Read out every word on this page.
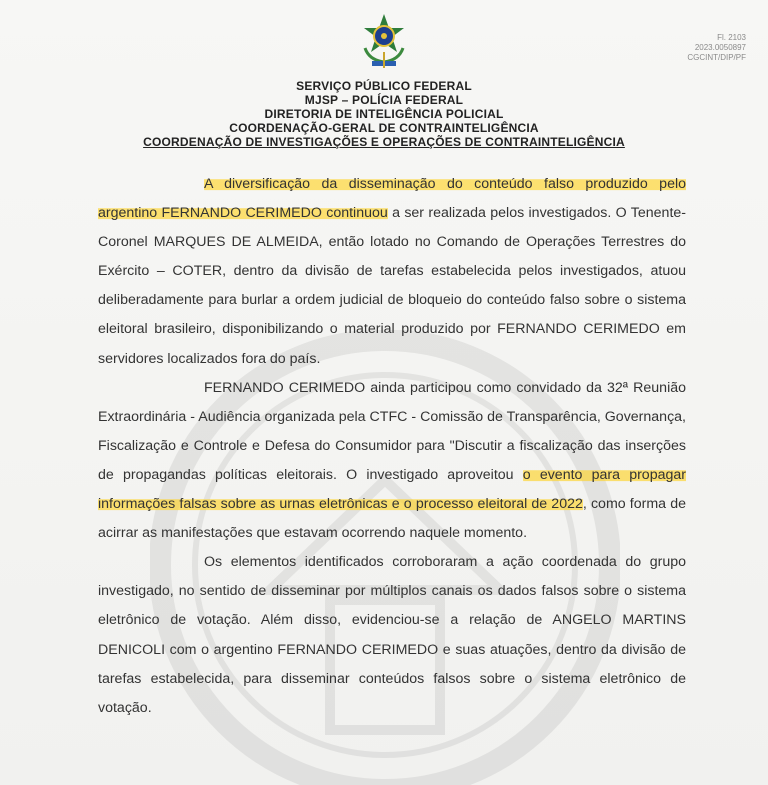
Fl. 2103
2023.0050897
CGCINT/DIP/PF
SERVIÇO PÚBLICO FEDERAL
MJSP – POLÍCIA FEDERAL
DIRETORIA DE INTELIGÊNCIA POLICIAL
COORDENAÇÃO-GERAL DE CONTRAINTELIGÊNCIA
COORDENAÇÃO DE INVESTIGAÇÕES E OPERAÇÕES DE CONTRAINTELIGÊNCIA

A diversificação da disseminação do conteúdo falso produzido pelo argentino FERNANDO CERIMEDO continuou a ser realizada pelos investigados. O Tenente-Coronel MARQUES DE ALMEIDA, então lotado no Comando de Operações Terrestres do Exército – COTER, dentro da divisão de tarefas estabelecida pelos investigados, atuou deliberadamente para burlar a ordem judicial de bloqueio do conteúdo falso sobre o sistema eleitoral brasileiro, disponibilizando o material produzido por FERNANDO CERIMEDO em servidores localizados fora do país.

FERNANDO CERIMEDO ainda participou como convidado da 32ª Reunião Extraordinária - Audiência organizada pela CTFC - Comissão de Transparência, Governança, Fiscalização e Controle e Defesa do Consumidor para "Discutir a fiscalização das inserções de propagandas políticas eleitorais. O investigado aproveitou o evento para propagar informações falsas sobre as urnas eletrônicas e o processo eleitoral de 2022, como forma de acirrar as manifestações que estavam ocorrendo naquele momento.

Os elementos identificados corroboraram a ação coordenada do grupo investigado, no sentido de disseminar por múltiplos canais os dados falsos sobre o sistema eletrônico de votação. Além disso, evidenciou-se a relação de ANGELO MARTINS DENICOLI com o argentino FERNANDO CERIMEDO e suas atuações, dentro da divisão de tarefas estabelecida, para disseminar conteúdos falsos sobre o sistema eletrônico de votação.
